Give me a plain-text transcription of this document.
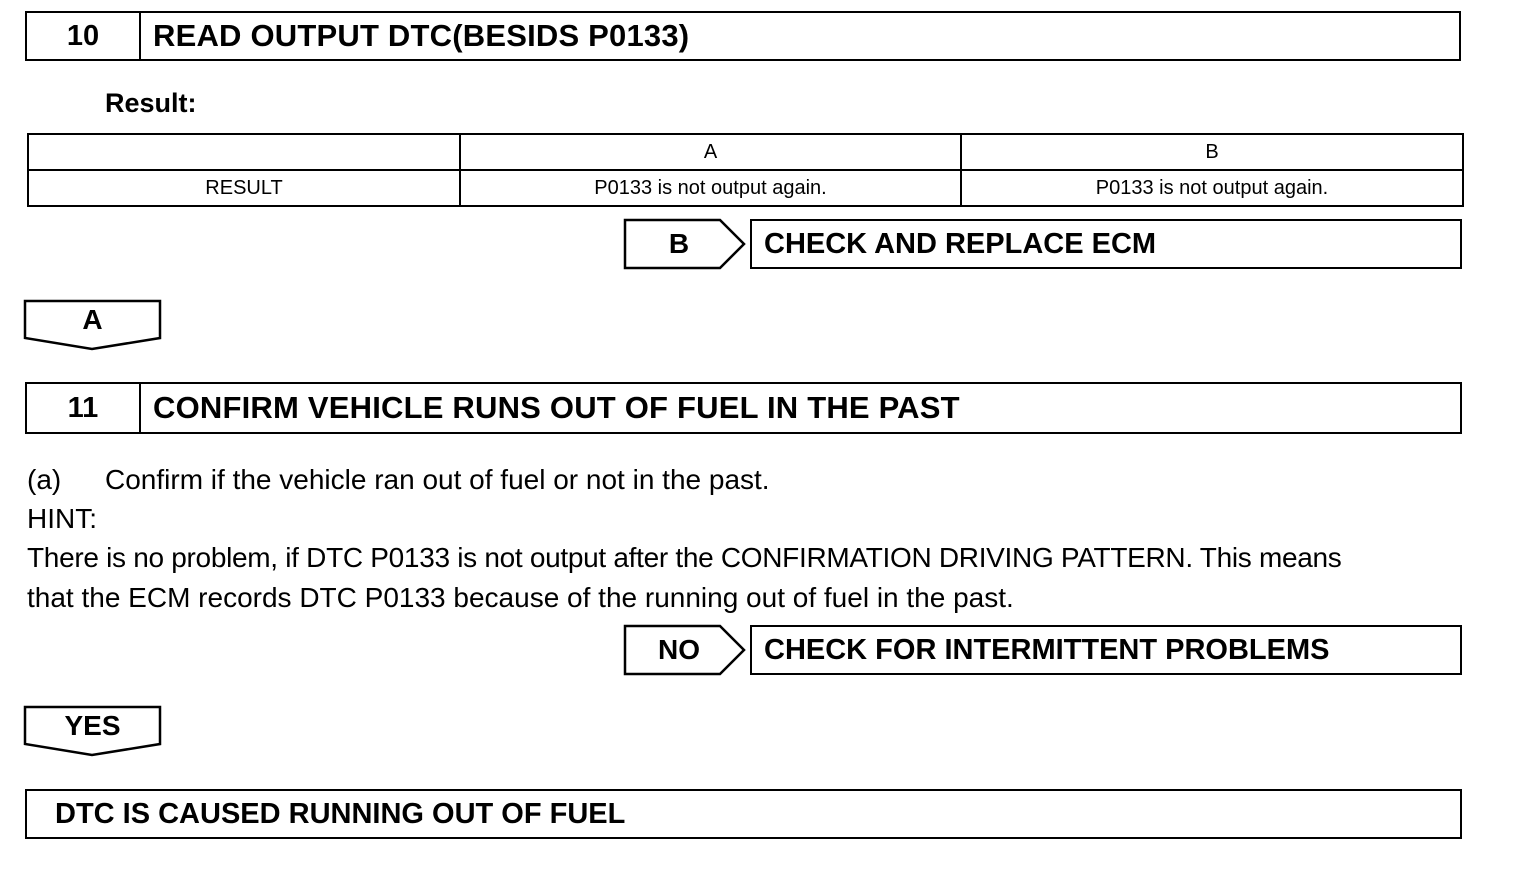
10	READ OUTPUT DTC(BESIDS P0133)
Result:
	A	B
RESULT	P0133 is not output again.	P0133 is not output again.
B	CHECK AND REPLACE ECM
A
11	CONFIRM VEHICLE RUNS OUT OF FUEL IN THE PAST
(a) Confirm if the vehicle ran out of fuel or not in the past.
HINT:
There is no problem, if DTC P0133 is not output after the CONFIRMATION DRIVING PATTERN. This means
that the ECM records DTC P0133 because of the running out of fuel in the past.
NO	CHECK FOR INTERMITTENT PROBLEMS
YES
DTC IS CAUSED RUNNING OUT OF FUEL
